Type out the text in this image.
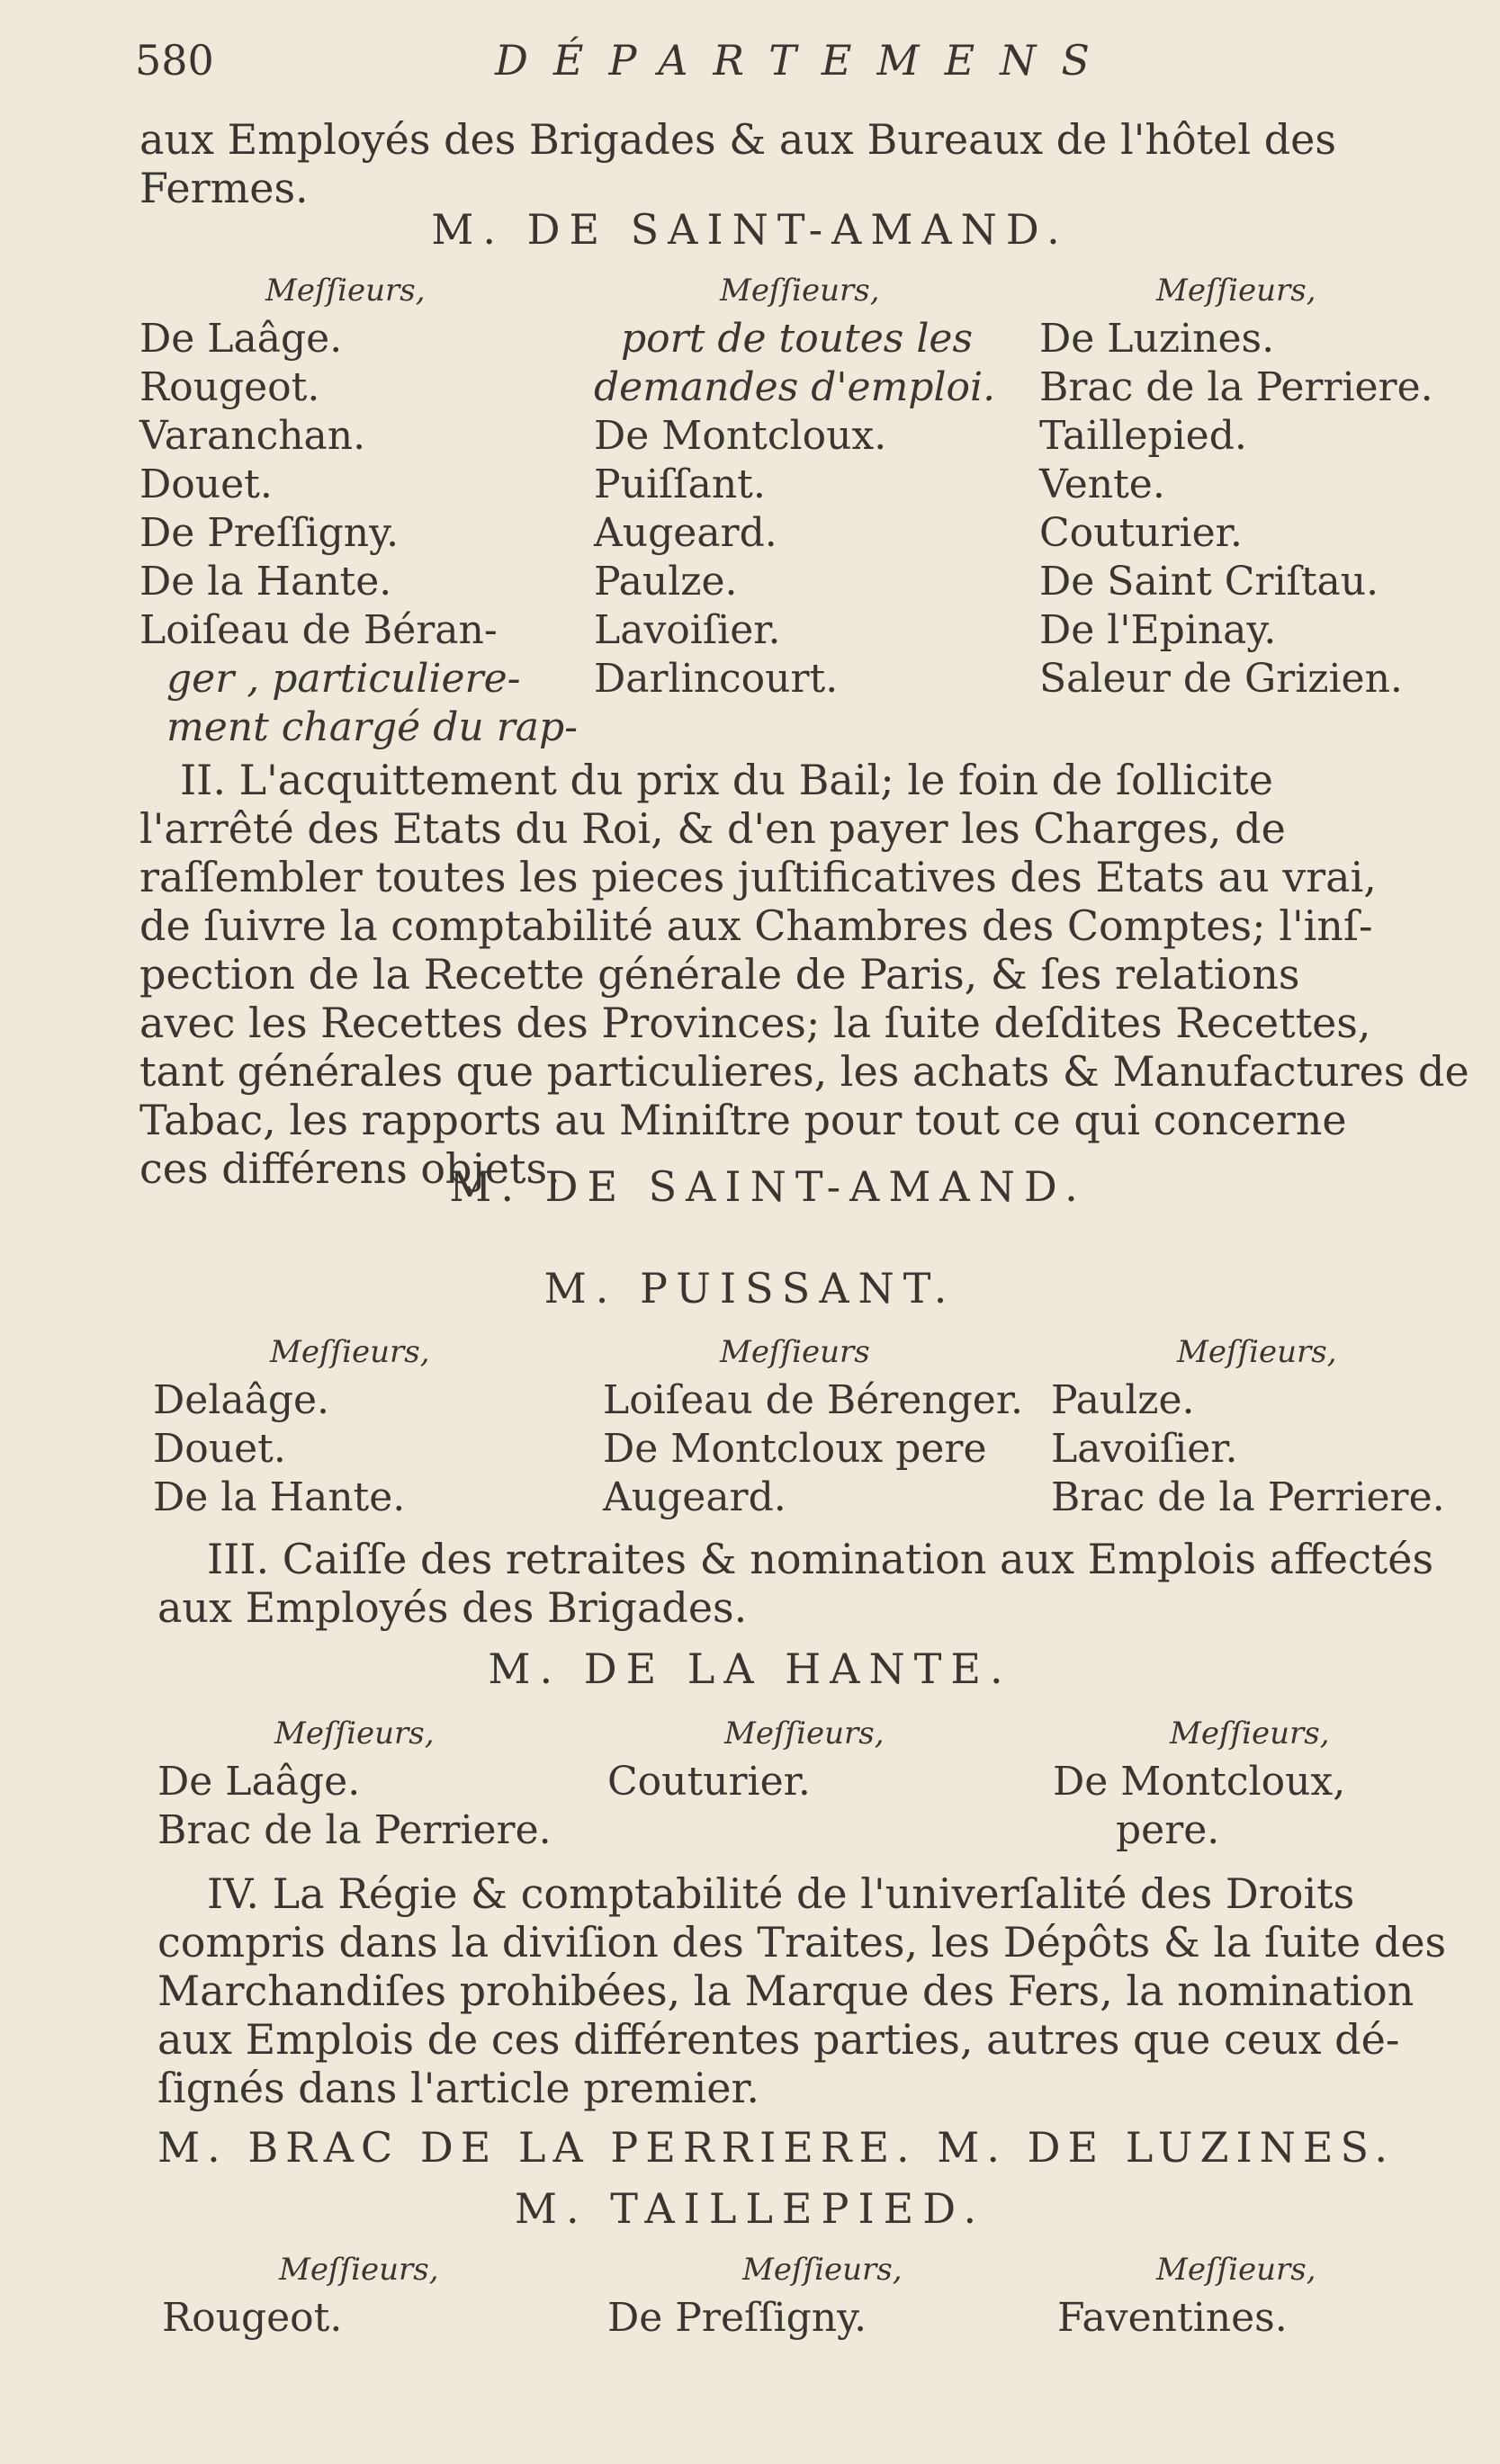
580	DÉPARTEMENS
aux Employés des Brigades & aux Bureaux de l'hôtel des
Fermes.
M. DE SAINT-AMAND.
Meſſieurs,
De Laâge.
Rougeot.
Varanchan.
Douet.
De Preſſigny.
De la Hante.
Loiſeau de Béran-
ger , particuliere-
ment chargé du rap-
Meſſieurs,
port de toutes les
demandes d'emploi.
De Montcloux.
Puiſſant.
Augeard.
Paulze.
Lavoiſier.
Darlincourt.
Meſſieurs,
De Luzines.
Brac de la Perriere.
Taillepied.
Vente.
Couturier.
De Saint Criſtau.
De l'Epinay.
Saleur de Grizien.
II. L'acquittement du prix du Bail; le foin de ſollicite
l'arrêté des Etats du Roi, & d'en payer les Charges, de
raſſembler toutes les pieces juſtificatives des Etats au vrai,
de ſuivre la comptabilité aux Chambres des Comptes; l'inſ-
pection de la Recette générale de Paris, & ſes relations
avec les Recettes des Provinces; la ſuite deſdites Recettes,
tant générales que particulieres, les achats & Manufactures de
Tabac, les rapports au Miniſtre pour tout ce qui concerne
ces différens objets.
M. DE SAINT-AMAND.
M. PUISSANT.
Meſſieurs,
Delaâge.
Douet.
De la Hante.
Meſſieurs
Loiſeau de Bérenger.
De Montcloux pere
Augeard.
Meſſieurs,
Paulze.
Lavoiſier.
Brac de la Perriere.
III. Caiſſe des retraites & nomination aux Emplois affectés
aux Employés des Brigades.
M. DE LA HANTE.
Meſſieurs,
De Laâge.
Brac de la Perriere.
Meſſieurs,
Couturier.
Meſſieurs,
De Montcloux,
pere.
IV. La Régie & comptabilité de l'univerſalité des Droits
compris dans la diviſion des Traites, les Dépôts & la ſuite des
Marchandiſes prohibées, la Marque des Fers, la nomination
aux Emplois de ces différentes parties, autres que ceux dé-
ſignés dans l'article premier.
M. BRAC DE LA PERRIERE. M. DE LUZINES.
M. TAILLEPIED.
Meſſieurs,
Rougeot.
Meſſieurs,
De Preſſigny.
Meſſieurs,
Faventines.
